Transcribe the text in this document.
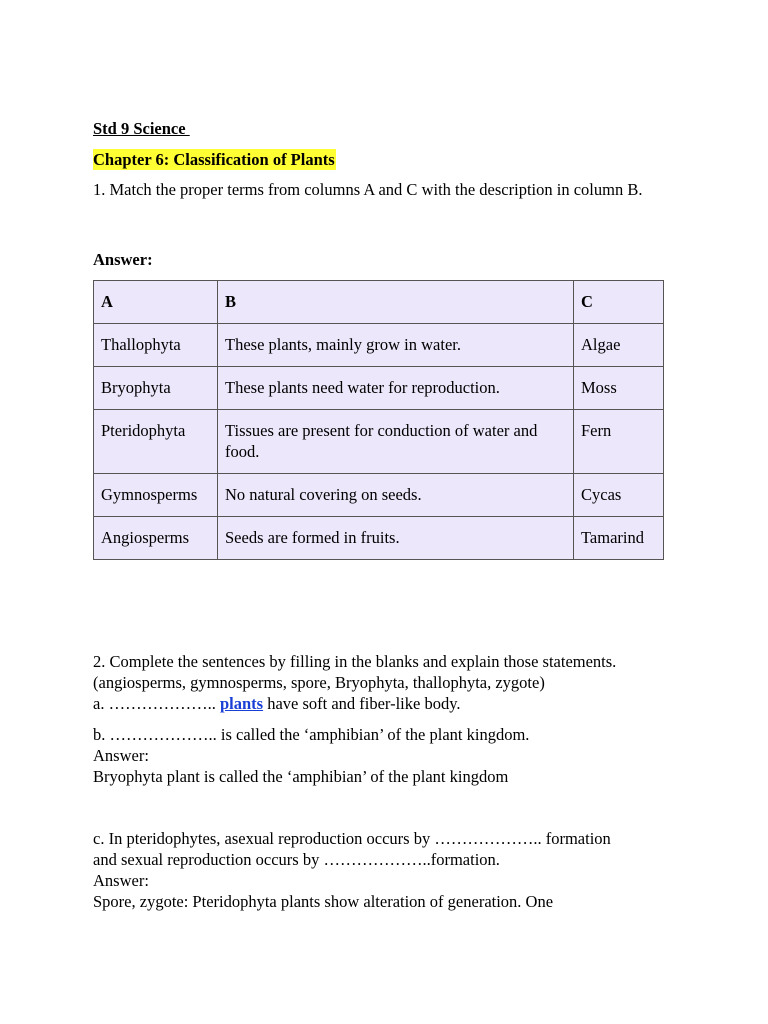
Std 9 Science
Chapter 6: Classification of Plants
1. Match the proper terms from columns A and C with the description in column B.
Answer:
A	B	C
Thallophyta	These plants, mainly grow in water.	Algae
Bryophyta	These plants need water for reproduction.	Moss
Pteridophyta	Tissues are present for conduction of water and food.	Fern
Gymnosperms	No natural covering on seeds.	Cycas
Angiosperms	Seeds are formed in fruits.	Tamarind
2. Complete the sentences by filling in the blanks and explain those statements.
(angiosperms, gymnosperms, spore, Bryophyta, thallophyta, zygote)
a. ……………….. plants have soft and fiber-like body.
b. ……………….. is called the ‘amphibian’ of the plant kingdom.
Answer:
Bryophyta plant is called the ‘amphibian’ of the plant kingdom
c. In pteridophytes, asexual reproduction occurs by ……………….. formation
and sexual reproduction occurs by ………………..formation.
Answer:
Spore, zygote: Pteridophyta plants show alteration of generation. One
